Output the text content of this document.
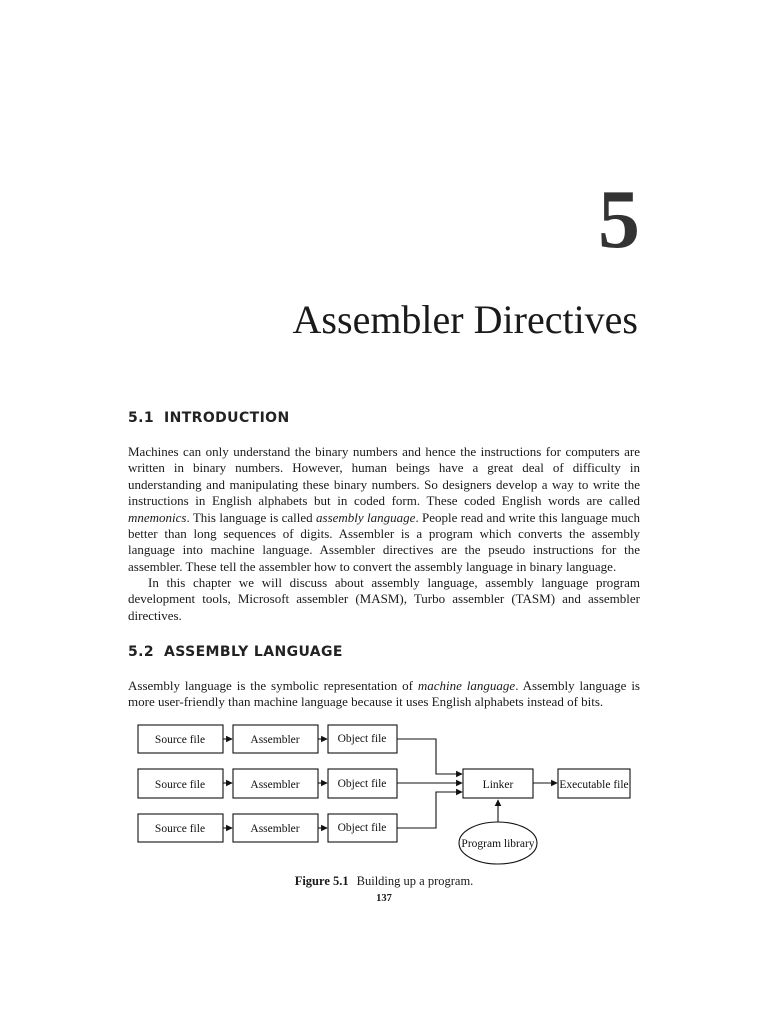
5
Assembler Directives
5.1 INTRODUCTION

Machines can only understand the binary numbers and hence the instructions for computers are written in binary numbers. However, human beings have a great deal of difficulty in understanding and manipulating these binary numbers. So designers develop a way to write the instructions in English alphabets but in coded form. These coded English words are called mnemonics. This language is called assembly language. People read and write this language much better than long sequences of digits. Assembler is a program which converts the assembly language into machine language. Assembler directives are the pseudo instructions for the assembler. These tell the assembler how to convert the assembly language in binary language.

In this chapter we will discuss about assembly language, assembly language program development tools, Microsoft assembler (MASM), Turbo assembler (TASM) and assembler directives.

5.2 ASSEMBLY LANGUAGE

Assembly language is the symbolic representation of machine language. Assembly language is more user-friendly than machine language because it uses English alphabets instead of bits.

Source file	Assembler	Object file
Source file	Assembler	Object file
Source file	Assembler	Object file
Linker	Executable file
Program library
Figure 5.1 Building up a program.
137
